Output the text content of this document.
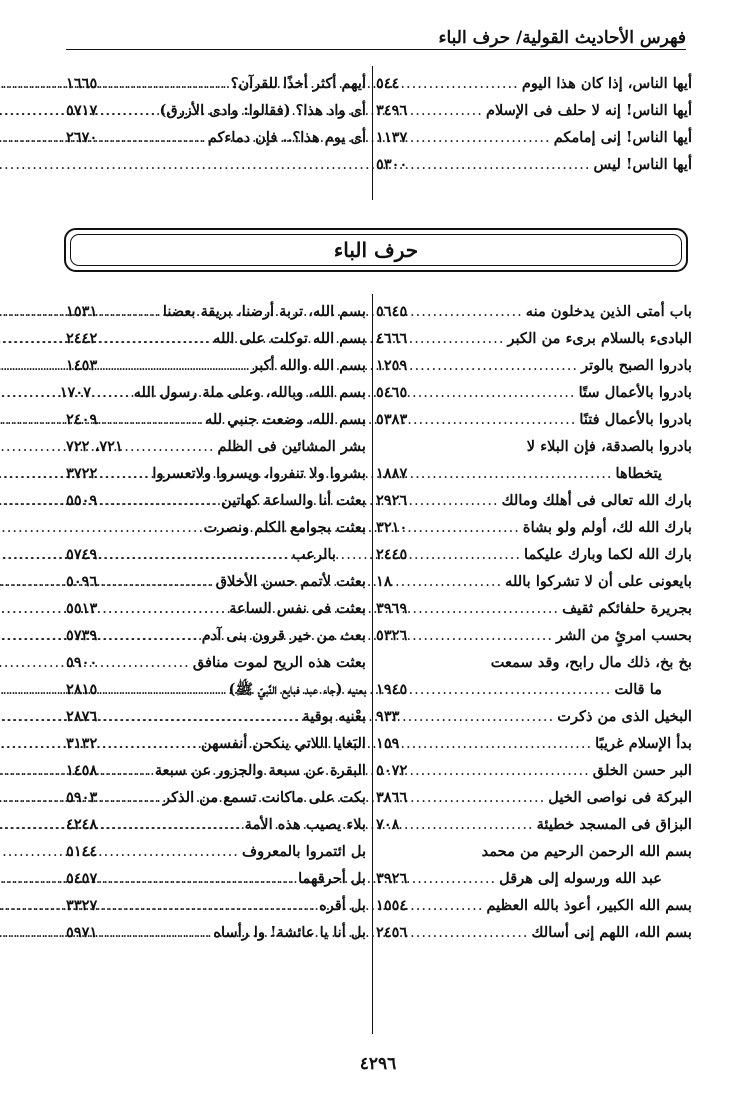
فهرس الأحاديث القولية/ حرف الباء
أيها الناس، إذا كان هذا اليوم
.....
٥٤٤
أيها الناس! إنه لا حلف فى الإسلام
.....
٣٤٩٦
أيها الناس! إنى إمامكم
.....
١١٣٧
أيها الناس! ليس
.....
٥٣٠٠
أيهم أكثر أخذًا للقرآن؟
.....
١٦٦٥
أى واد هذا؟ (فقالوا: وادى الأزرق)
.....
٥٧١٧
أى يوم هذا؟.. فإن دماءكم
.....
٢٦٧٠
حرف الباء
باب أمتى الذين يدخلون منه
.....
٥٦٤٥
البادىء بالسلام برىء من الكبر
.....
٤٦٦٦
بادروا الصبح بالوتر
.....
١٢٥٩
بادروا بالأعمال ستًا
.....
٥٤٦٥
بادروا بالأعمال فتنًا
.....
٥٣٨٣
بادروا بالصدقة، فإن البلاء لا
يتخطاها
.....
١٨٨٧
بارك الله تعالى فى أهلك ومالك
.....
٢٩٢٦
بارك الله لك، أولم ولو بشاة
.....
٣٢١٠
بارك الله لكما وبارك عليكما
.....
٢٤٤٥
بايعونى على أن لا تشركوا بالله
.....
١٨
بجريرة حلفائكم ثقيف
.....
٣٩٦٩
بحسب امرئٍ من الشر
.....
٥٣٢٦
بخ بخ، ذلك مال رابح، وقد سمعت
ما قالت
.....
١٩٤٥
البخيل الذى من ذكرت
.....
٩٣٣
بدأ الإسلام غريبًا
.....
١٥٩
البر حسن الخلق
.....
٥٠٧٢
البركة فى نواصى الخيل
.....
٣٨٦٦
البزاق فى المسجد خطيئة
.....
٧٠٨
بسم الله الرحمن الرحيم من محمد
عبد الله ورسوله إلى هرقل
.....
٣٩٢٦
بسم الله الكبير، أعوذ بالله العظيم
.....
١٥٥٤
بسم الله، اللهم إنى أسالك
.....
٢٤٥٦
بسم الله، تربة أرضنا، بريقة بعضنا
.....
١٥٣١
بسم الله توكلت على الله
.....
٢٤٤٢
بسم الله والله أكبر
.....
١٤٥٣
بسم الله، وبالله، وعلى ملة رسول الله
.....
١٧٠٧
بسم الله، وضعت جنبي لله
.....
٢٤٠٩
بشر المشائين فى الظلم
.....
٧٢١، ٧٢٢
بشروا ولا تنفروا، ويسروا ولاتعسروا
.....
٣٧٢٢
بعثت أنا والساعة كهاتين
.....
٥٥٠٩
بعثت بجوامع الكلم ونصرت
بالرعب
.....
٥٧٤٩
بعثت لأتمم حسن الأخلاق
.....
٥٠٩٦
بعثت فى نفس الساعة
.....
٥٥١٣
بعث من خير قرون بنى آدم
.....
٥٧٣٩
بعثت هذه الريح لموت منافق
.....
٥٩٠٠
بعنيه (جاء عبد فبايع النَّبيّ ﷺ)
.....
٢٨١٥
بعْنيه بوقية
.....
٢٨٧٦
البَغايا اللاتي ينكحن أنفسهن
.....
٣١٣٢
البقرة عن سبعة والجزور عن سبعة
.....
١٤٥٨
بكت على ماكانت تسمع من الذكر
.....
٥٩٠٣
بلاء يصيب هذه الأمة
.....
٤٢٤٨
بل ائتمروا بالمعروف
.....
٥١٤٤
بل أحرقهما
.....
٥٤٥٧
بل أقره
.....
٣٣٢٧
بل أنا يا عائشة! وا رأساه
.....
٥٩٧١
٤٢٩٦
